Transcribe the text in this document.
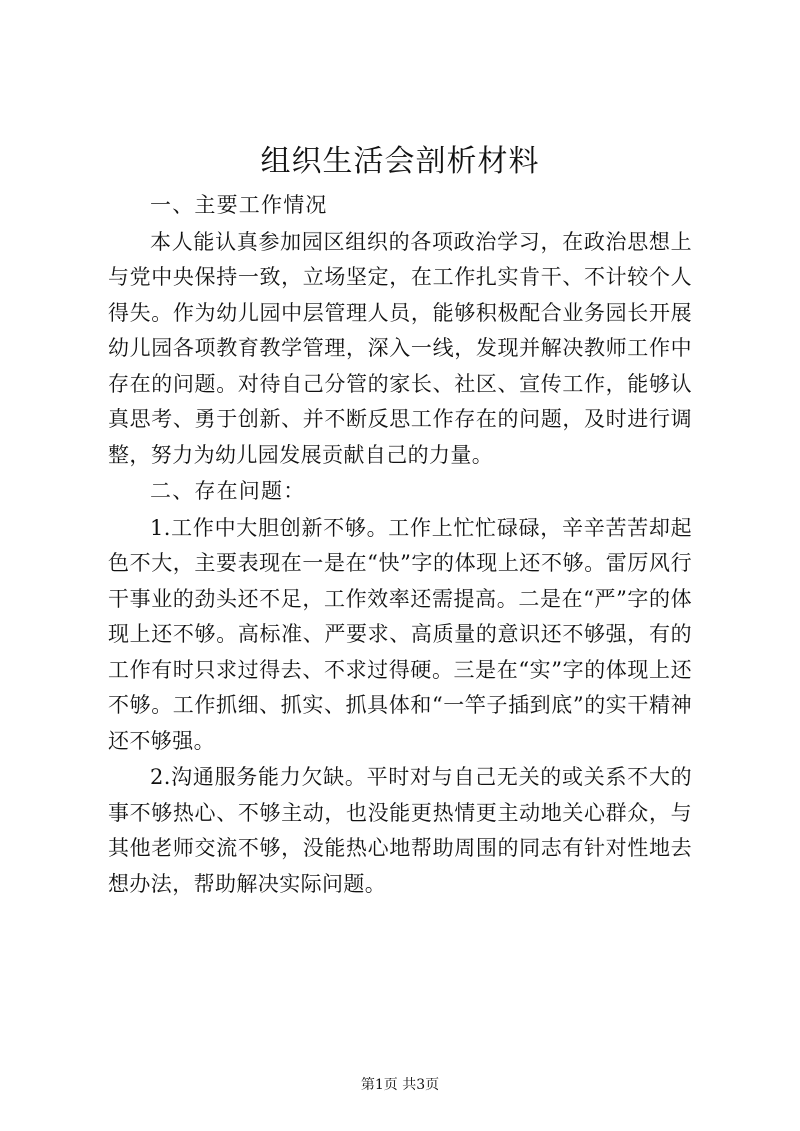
组织生活会剖析材料

一、主要工作情况

本人能认真参加园区组织的各项政治学习，在政治思想上与党中央保持一致，立场坚定，在工作扎实肯干、不计较个人得失。作为幼儿园中层管理人员，能够积极配合业务园长开展幼儿园各项教育教学管理，深入一线，发现并解决教师工作中存在的问题。对待自己分管的家长、社区、宣传工作，能够认真思考、勇于创新、并不断反思工作存在的问题，及时进行调整，努力为幼儿园发展贡献自己的力量。

二、存在问题：

1.工作中大胆创新不够。工作上忙忙碌碌，辛辛苦苦却起色不大，主要表现在一是在“快”字的体现上还不够。雷厉风行干事业的劲头还不足，工作效率还需提高。二是在“严”字的体现上还不够。高标准、严要求、高质量的意识还不够强，有的工作有时只求过得去、不求过得硬。三是在“实”字的体现上还不够。工作抓细、抓实、抓具体和“一竿子插到底”的实干精神还不够强。

2.沟通服务能力欠缺。平时对与自己无关的或关系不大的事不够热心、不够主动，也没能更热情更主动地关心群众，与其他老师交流不够，没能热心地帮助周围的同志有针对性地去想办法，帮助解决实际问题。

第1页 共3页
